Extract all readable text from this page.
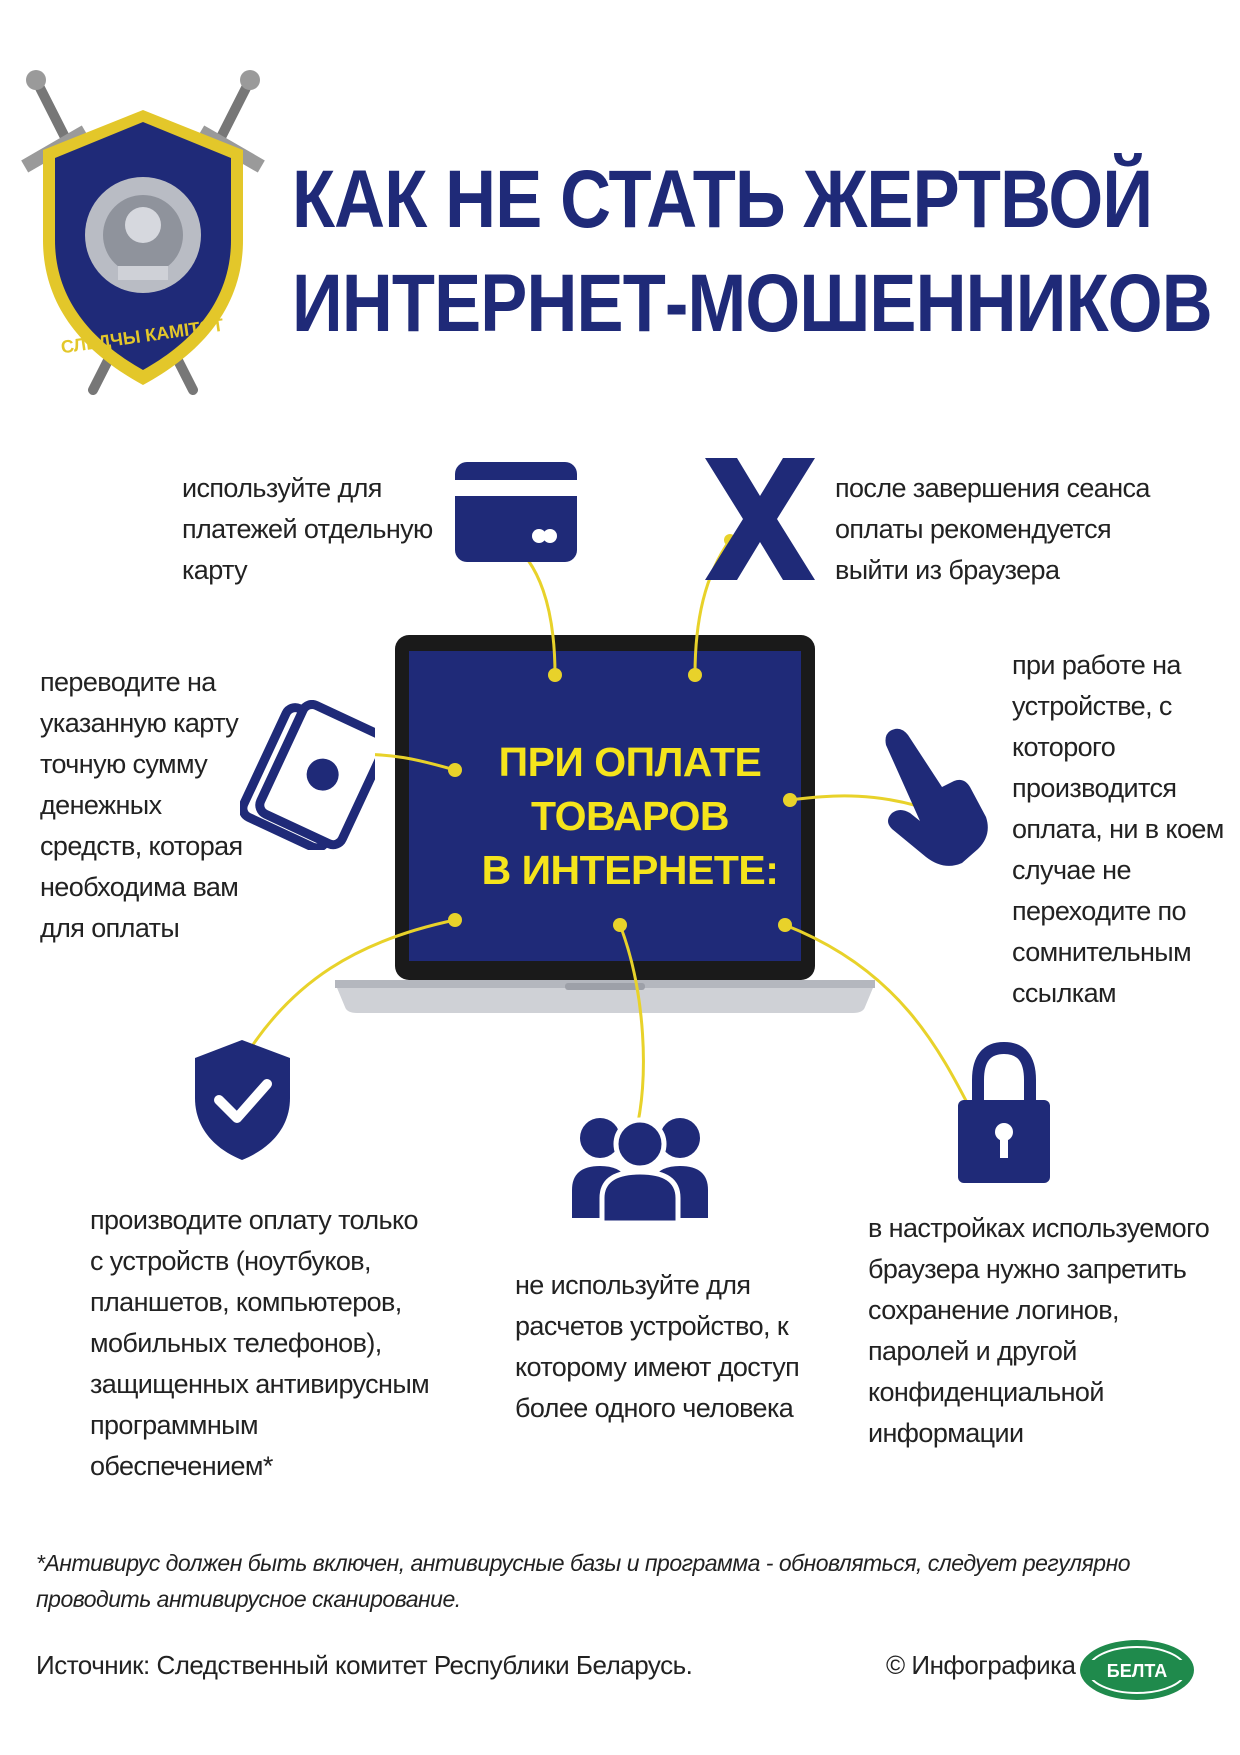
СЛЕДЧЫ КАМІТЭТ
КАК НЕ СТАТЬ ЖЕРТВОЙ
ИНТЕРНЕТ-МОШЕННИКОВ
ПРИ ОПЛАТЕ
ТОВАРОВ
В ИНТЕРНЕТЕ:
используйте для
платежей отдельную
карту
после завершения сеанса
оплаты рекомендуется
выйти из браузера
переводите на
указанную карту
точную сумму
денежных
средств, которая
необходима вам
для оплаты
при работе на
устройстве, с
которого
производится
оплата, ни в коем
случае не
переходите по
сомнительным
ссылкам
производите оплату только
с устройств (ноутбуков,
планшетов, компьютеров,
мобильных телефонов),
защищенных антивирусным
программным
обеспечением*
не используйте для
расчетов устройство, к
которому имеют доступ
более одного человека
в настройках используемого
браузера нужно запретить
сохранение логинов,
паролей и другой
конфиденциальной
информации
*Антивирус должен быть включен, антивирусные базы и программа - обновляться, следует регулярно
проводить антивирусное сканирование.
Источник: Следственный комитет Республики Беларусь.	© Инфографика БЕЛТА
